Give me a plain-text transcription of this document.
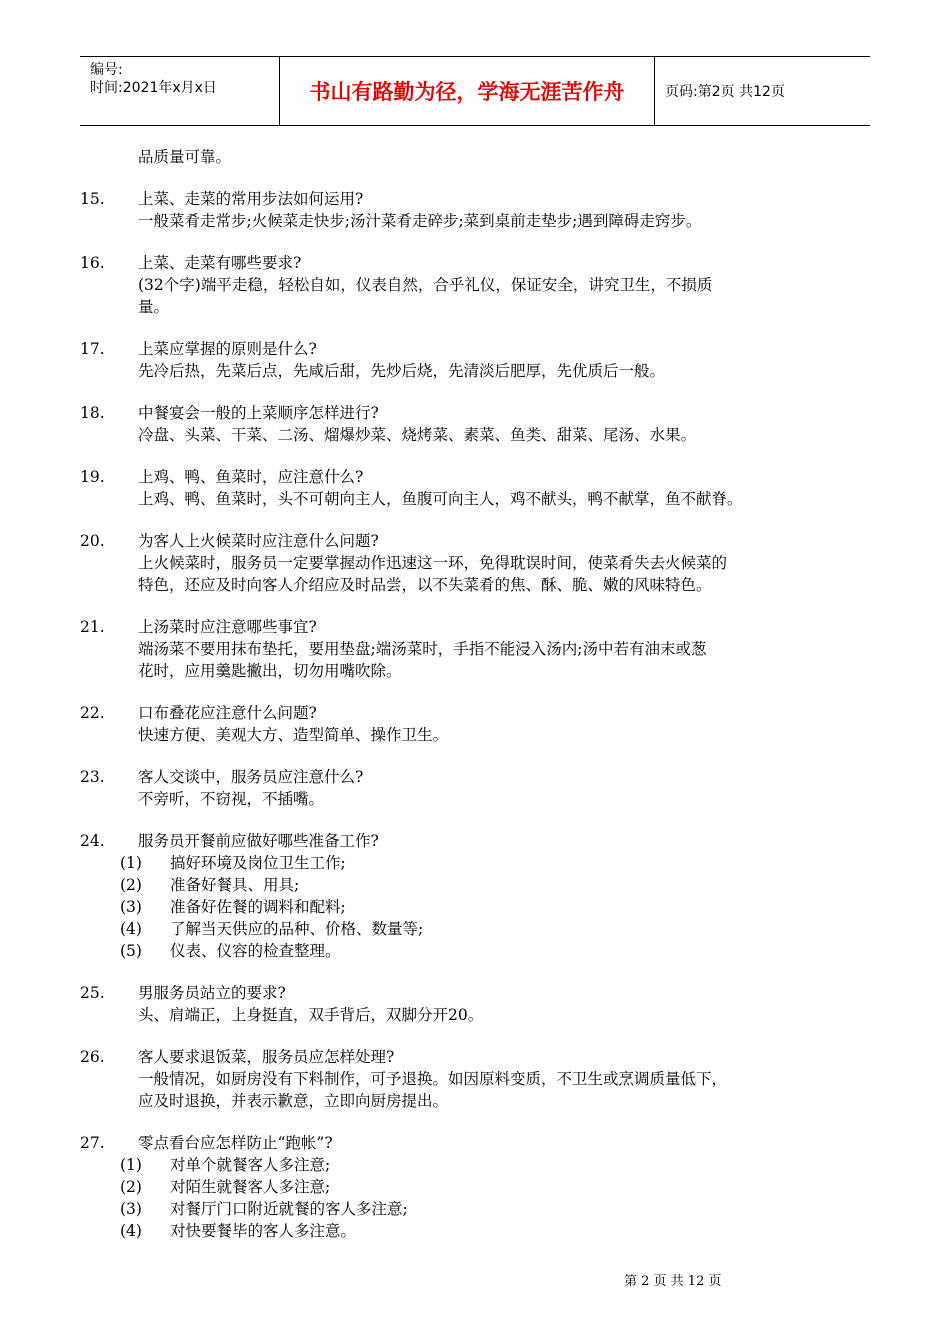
编号:
时间:2021年x月x日	书山有路勤为径，学海无涯苦作舟	页码:第2页 共12页
品质量可靠。
15.	上菜、走菜的常用步法如何运用?
一般菜肴走常步;火候菜走快步;汤汁菜肴走碎步;菜到桌前走垫步;遇到障碍走窍步。
16.	上菜、走菜有哪些要求?
(32个字)端平走稳，轻松自如，仪表自然，合乎礼仪，保证安全，讲究卫生，不损质
量。
17.	上菜应掌握的原则是什么?
先冷后热，先菜后点，先咸后甜，先炒后烧，先清淡后肥厚，先优质后一般。
18.	中餐宴会一般的上菜顺序怎样进行?
冷盘、头菜、干菜、二汤、熘爆炒菜、烧烤菜、素菜、鱼类、甜菜、尾汤、水果。
19.	上鸡、鸭、鱼菜时，应注意什么?
上鸡、鸭、鱼菜时，头不可朝向主人，鱼腹可向主人，鸡不献头，鸭不献掌，鱼不献脊。
20.	为客人上火候菜时应注意什么问题?
上火候菜时，服务员一定要掌握动作迅速这一环，免得耽误时间，使菜肴失去火候菜的
特色，还应及时向客人介绍应及时品尝，以不失菜肴的焦、酥、脆、嫩的风味特色。
21.	上汤菜时应注意哪些事宜?
端汤菜不要用抹布垫托，要用垫盘;端汤菜时，手指不能浸入汤内;汤中若有油末或葱
花时，应用羹匙撇出，切勿用嘴吹除。
22.	口布叠花应注意什么问题?
快速方便、美观大方、造型简单、操作卫生。
23.	客人交谈中，服务员应注意什么?
不旁听，不窃视，不插嘴。
24.	服务员开餐前应做好哪些准备工作?
(1)	搞好环境及岗位卫生工作;
(2)	准备好餐具、用具;
(3)	准备好佐餐的调料和配料;
(4)	了解当天供应的品种、价格、数量等;
(5)	仪表、仪容的检查整理。
25.	男服务员站立的要求?
头、肩端正，上身挺直，双手背后，双脚分开20。
26.	客人要求退饭菜，服务员应怎样处理?
一般情况，如厨房没有下料制作，可予退换。如因原料变质，不卫生或烹调质量低下，
应及时退换，并表示歉意，立即向厨房提出。
27.	零点看台应怎样防止“跑帐”?
(1)	对单个就餐客人多注意;
(2)	对陌生就餐客人多注意;
(3)	对餐厅门口附近就餐的客人多注意;
(4)	对快要餐毕的客人多注意。
第 2 页 共 12 页
